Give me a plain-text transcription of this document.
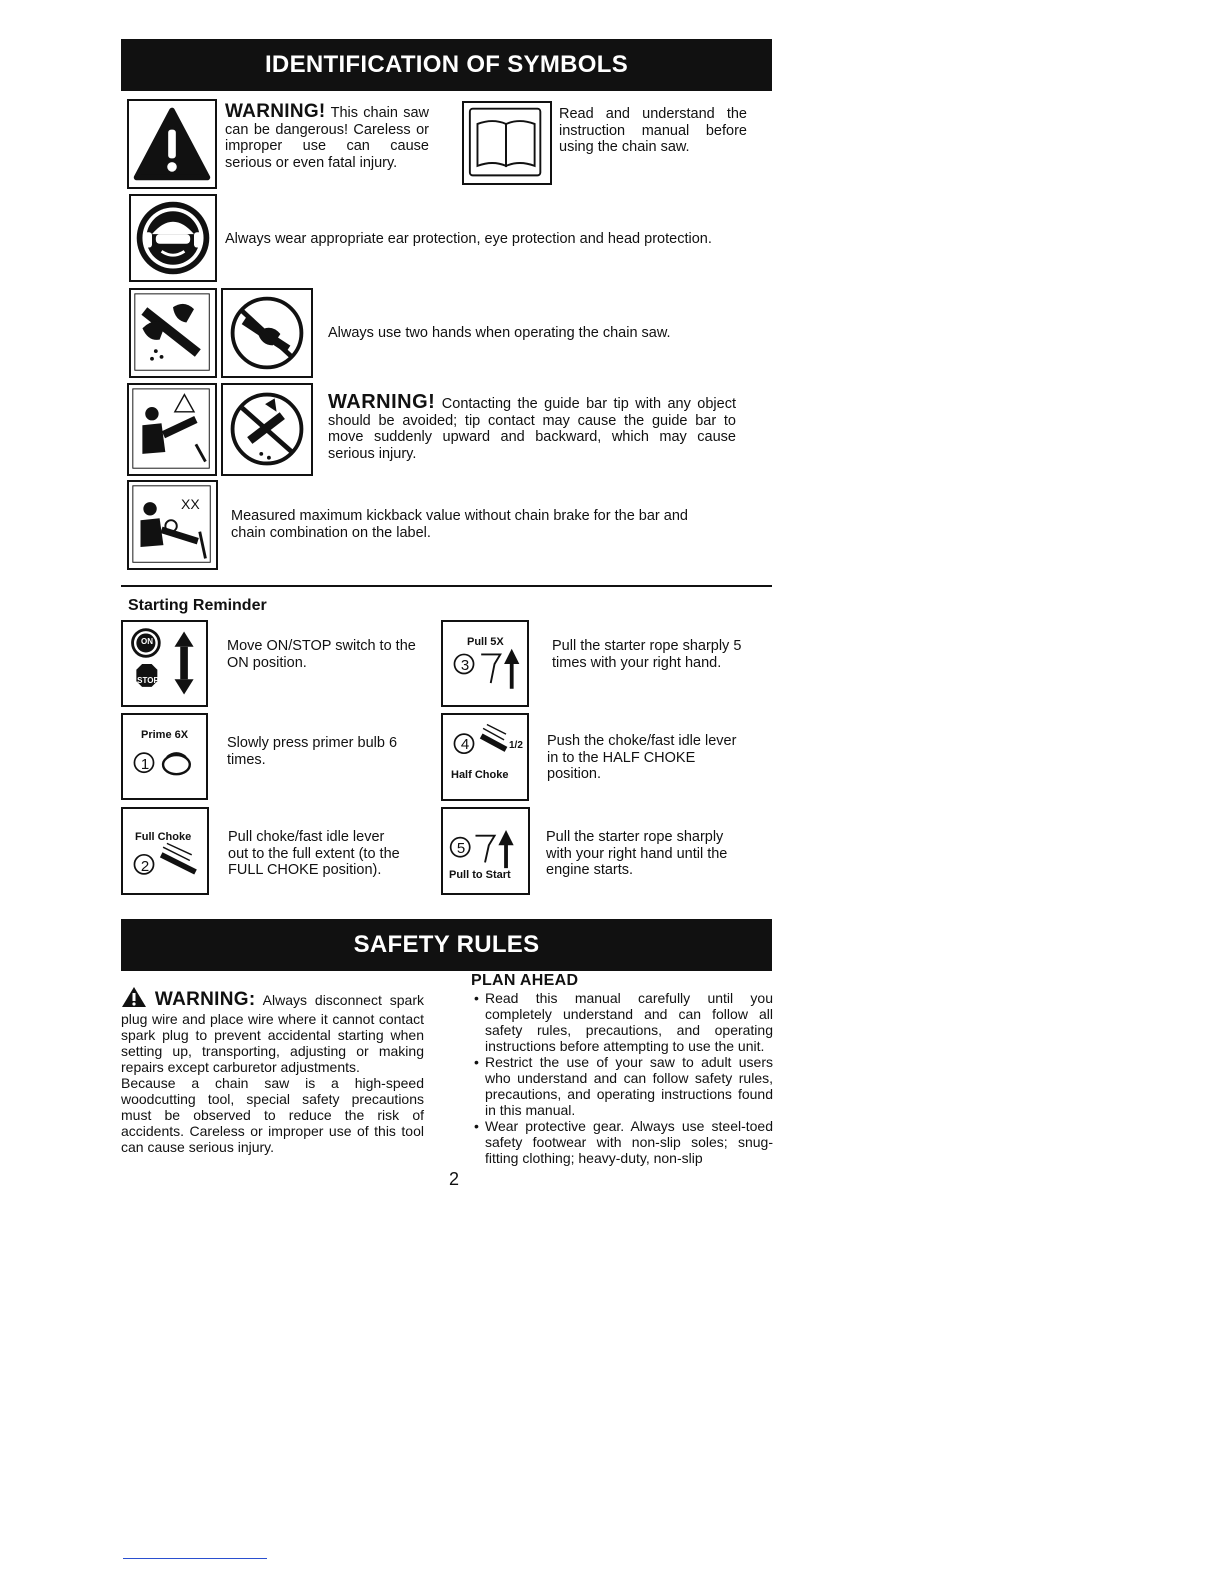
IDENTIFICATION OF SYMBOLS
WARNING! This chain saw can be dangerous! Careless or improper use can cause serious or even fatal injury.
Read and understand the instruction manual before using the chain saw.
Always wear appropriate ear protection, eye protection and head protection.
Always use two hands when operating the chain saw.
WARNING! Contacting the guide bar tip with any object should be avoided; tip contact may cause the guide bar to move suddenly upward and backward, which may cause serious injury.
XX
Measured maximum kickback value without chain brake for the bar and chain combination on the label.
Starting Reminder
ON
STOP
Move ON/STOP switch to the ON position.
Prime 6X
1
Slowly press primer bulb 6 times.
Full Choke
2
Pull choke/fast idle lever out to the full extent (to the FULL CHOKE position).
Pull 5X
3
Pull the starter rope sharply 5 times with your right hand.
4	1/2
Half Choke
Push the choke/fast idle lever in to the HALF CHOKE position.
5
Pull to Start
Pull the starter rope sharply with your right hand until the engine starts.
SAFETY RULES
WARNING: Always disconnect spark plug wire and place wire where it cannot contact spark plug to prevent accidental starting when setting up, transporting, adjusting or making repairs except carburetor adjustments.
Because a chain saw is a high-speed woodcutting tool, special safety precautions must be observed to reduce the risk of accidents. Careless or improper use of this tool can cause serious injury.
PLAN AHEAD
• Read this manual carefully until you completely understand and can follow all safety rules, precautions, and operating instructions before attempting to use the unit.
• Restrict the use of your saw to adult users who understand and can follow safety rules, precautions, and operating instructions found in this manual.
• Wear protective gear. Always use steel-toed safety footwear with non-slip soles; snug-fitting clothing; heavy-duty, non-slip
2
